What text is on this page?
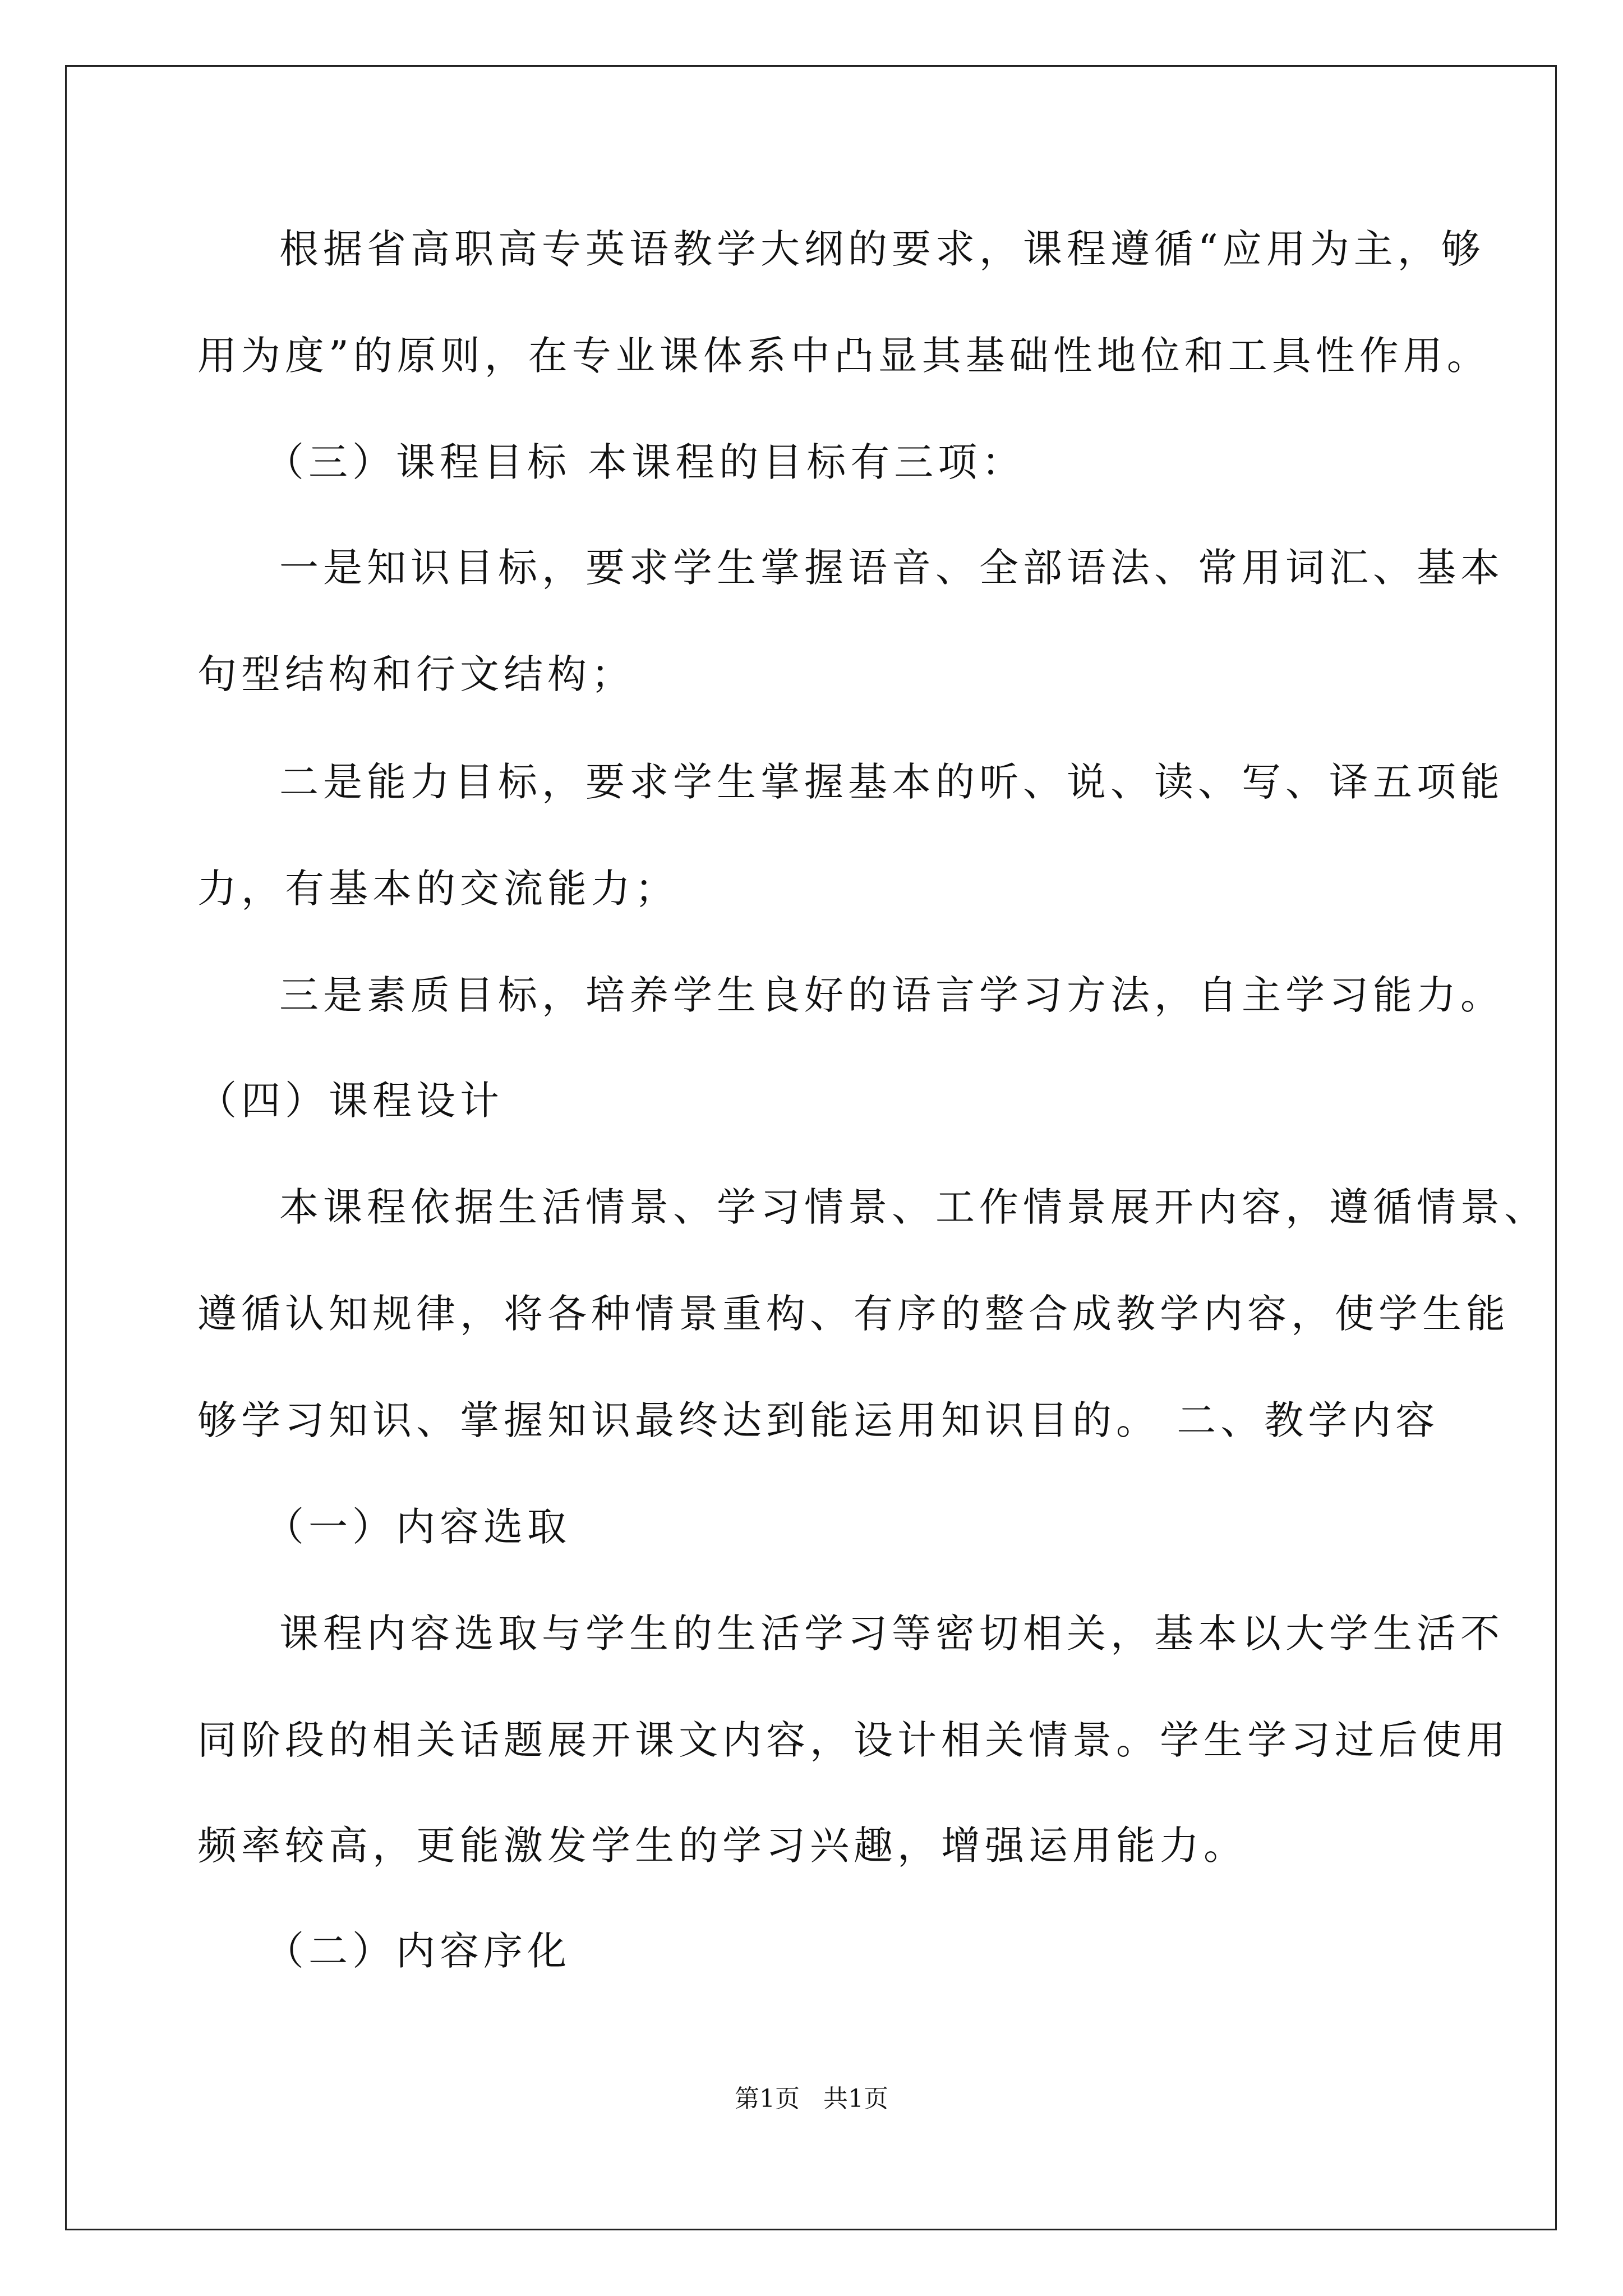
根据省高职高专英语教学大纲的要求，课程遵循“应用为主，够
用为度”的原则，在专业课体系中凸显其基础性地位和工具性作用。
（三）课程目标 本课程的目标有三项：
一是知识目标，要求学生掌握语音、全部语法、常用词汇、基本
句型结构和行文结构；
二是能力目标，要求学生掌握基本的听、说、读、写、译五项能
力，有基本的交流能力；
三是素质目标，培养学生良好的语言学习方法，自主学习能力。
（四）课程设计
本课程依据生活情景、学习情景、工作情景展开内容，遵循情景、
遵循认知规律，将各种情景重构、有序的整合成教学内容，使学生能
够学习知识、掌握知识最终达到能运用知识目的。 二、教学内容
（一）内容选取
课程内容选取与学生的生活学习等密切相关，基本以大学生活不
同阶段的相关话题展开课文内容，设计相关情景。学生学习过后使用
频率较高，更能激发学生的学习兴趣，增强运用能力。
（二）内容序化
第1页   共1页
